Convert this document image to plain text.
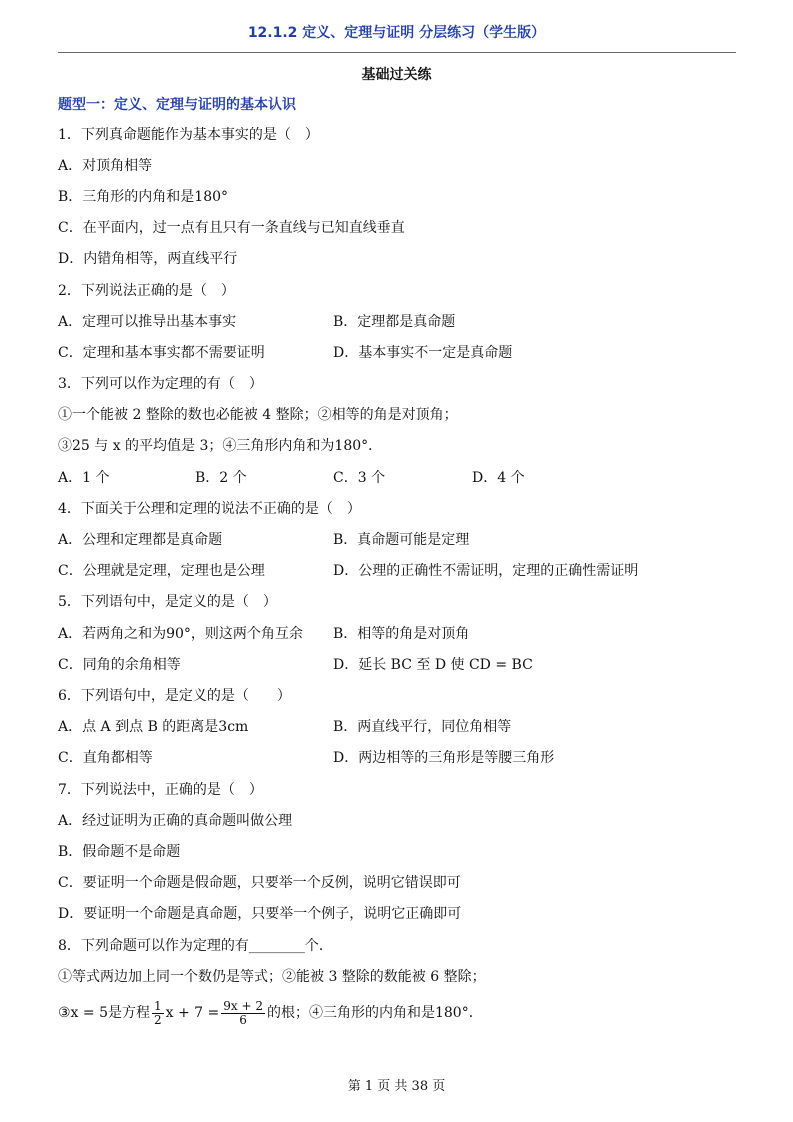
12.1.2 定义、定理与证明 分层练习（学生版）
基础过关练
题型一：定义、定理与证明的基本认识
1．下列真命题能作为基本事实的是（　）
A．对顶角相等
B．三角形的内角和是180°
C．在平面内，过一点有且只有一条直线与已知直线垂直
D．内错角相等，两直线平行
2．下列说法正确的是（　）
A．定理可以推导出基本事实	B．定理都是真命题
C．定理和基本事实都不需要证明	D．基本事实不一定是真命题
3．下列可以作为定理的有（　）
①一个能被 2 整除的数也必能被 4 整除；②相等的角是对顶角；
③25 与 x 的平均值是 3；④三角形内角和为180°．
A．1 个	B．2 个	C．3 个	D．4 个
4．下面关于公理和定理的说法不正确的是（　）
A．公理和定理都是真命题	B．真命题可能是定理
C．公理就是定理，定理也是公理	D．公理的正确性不需证明，定理的正确性需证明
5．下列语句中，是定义的是（　）
A．若两角之和为90°，则这两个角互余 B．相等的角是对顶角
C．同角的余角相等	D．延长 BC 至 D 使 CD = BC
6．下列语句中，是定义的是（　　）
A．点 A 到点 B 的距离是3cm	B．两直线平行，同位角相等
C．直角都相等	D．两边相等的三角形是等腰三角形
7．下列说法中，正确的是（　）
A．经过证明为正确的真命题叫做公理
B．假命题不是命题
C．要证明一个命题是假命题，只要举一个反例，说明它错误即可
D．要证明一个命题是真命题，只要举一个例子，说明它正确即可
8．下列命题可以作为定理的有________个．
①等式两边加上同一个数仍是等式；②能被 3 整除的数能被 6 整除；
③x = 5是方程 $\frac{1}{2}$ $x + 7 = \frac{9x + 2}{6}$ 的根；④三角形的内角和是180°．
第 1 页 共 38 页
